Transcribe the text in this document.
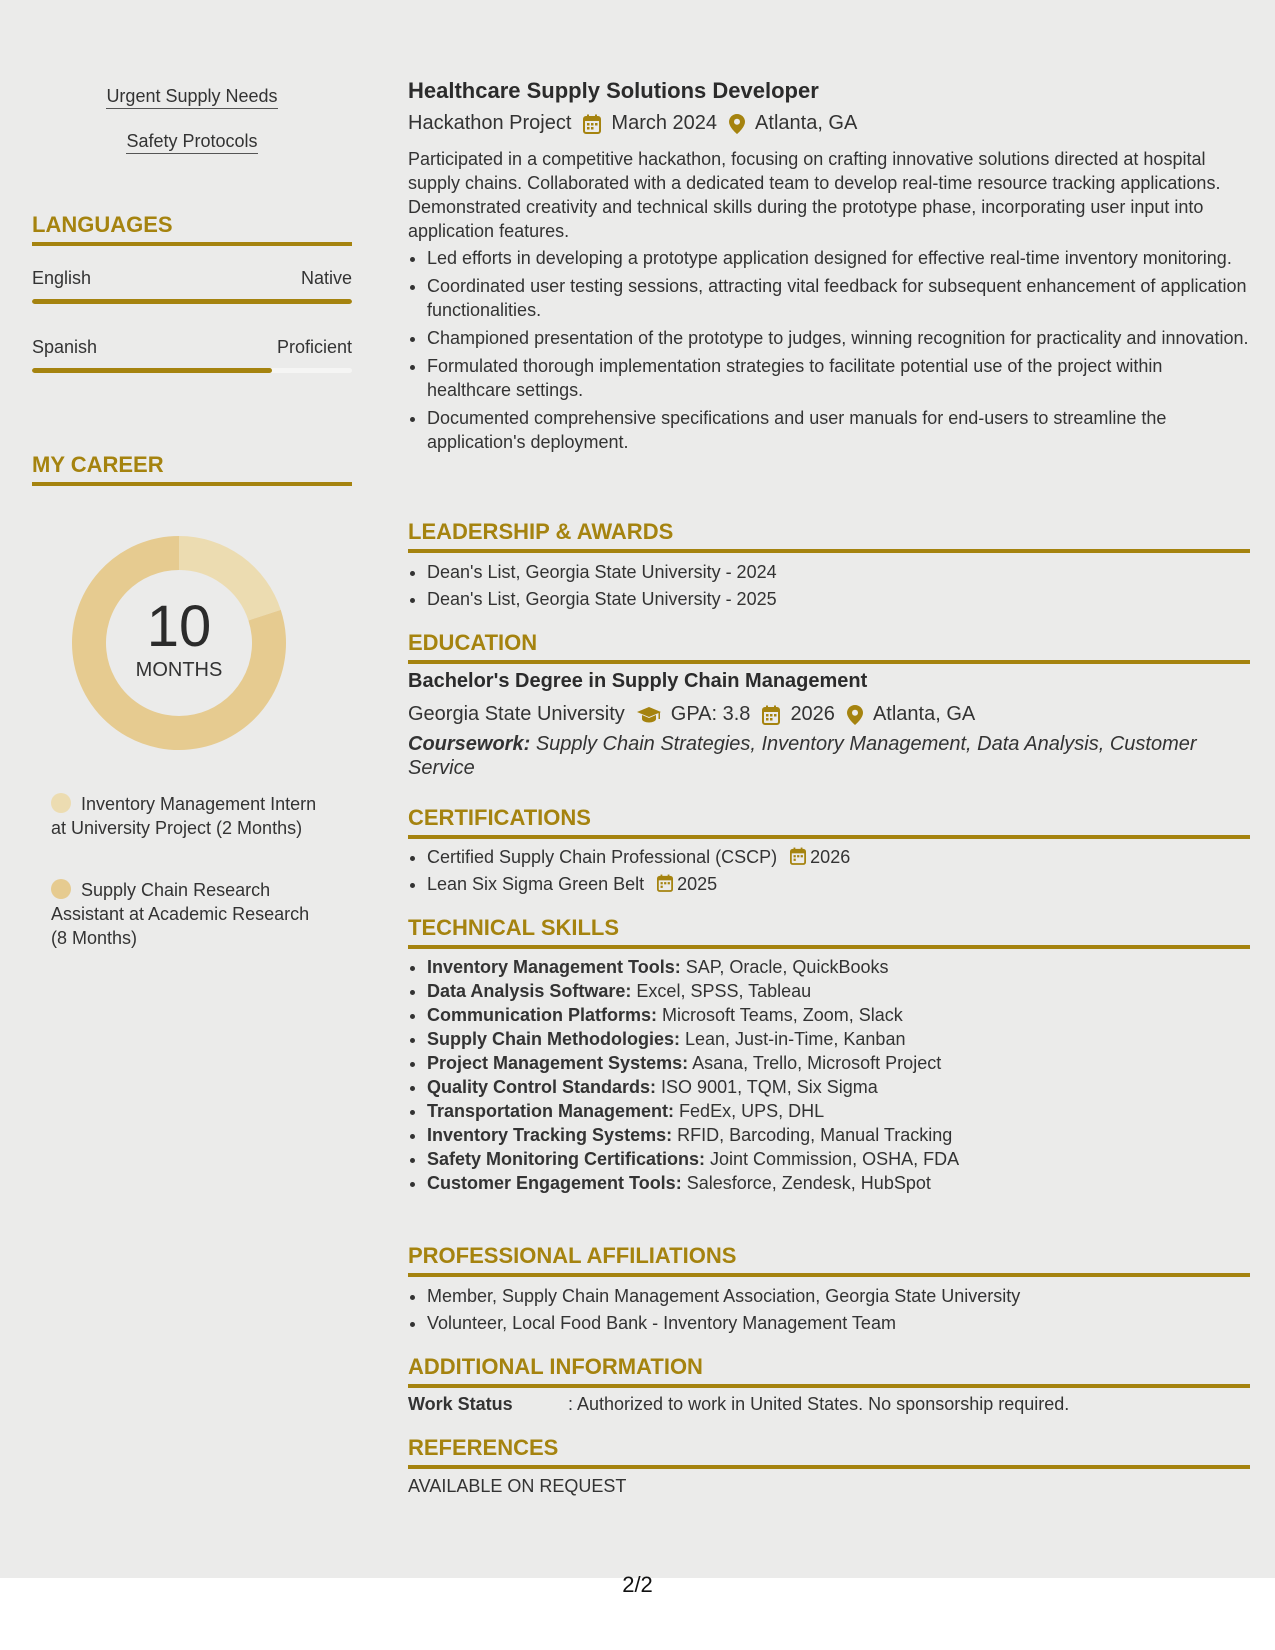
Urgent Supply Needs
Safety Protocols
LANGUAGES
English	Native
Spanish	Proficient
MY CAREER
10
MONTHS
Inventory Management Intern at University Project (2 Months)
Supply Chain Research Assistant at Academic Research (8 Months)
Healthcare Supply Solutions Developer
Hackathon Project March 2024 Atlanta, GA
Participated in a competitive hackathon, focusing on crafting innovative solutions directed at hospital supply chains. Collaborated with a dedicated team to develop real-time resource tracking applications. Demonstrated creativity and technical skills during the prototype phase, incorporating user input into application features.
• Led efforts in developing a prototype application designed for effective real-time inventory monitoring.
• Coordinated user testing sessions, attracting vital feedback for subsequent enhancement of application functionalities.
• Championed presentation of the prototype to judges, winning recognition for practicality and innovation.
• Formulated thorough implementation strategies to facilitate potential use of the project within healthcare settings.
• Documented comprehensive specifications and user manuals for end-users to streamline the application's deployment.
LEADERSHIP & AWARDS
• Dean's List, Georgia State University - 2024
• Dean's List, Georgia State University - 2025
EDUCATION
Bachelor's Degree in Supply Chain Management
Georgia State University GPA: 3.8 2026 Atlanta, GA
Coursework: Supply Chain Strategies, Inventory Management, Data Analysis, Customer Service
CERTIFICATIONS
• Certified Supply Chain Professional (CSCP) 2026
• Lean Six Sigma Green Belt 2025
TECHNICAL SKILLS
• Inventory Management Tools: SAP, Oracle, QuickBooks
• Data Analysis Software: Excel, SPSS, Tableau
• Communication Platforms: Microsoft Teams, Zoom, Slack
• Supply Chain Methodologies: Lean, Just-in-Time, Kanban
• Project Management Systems: Asana, Trello, Microsoft Project
• Quality Control Standards: ISO 9001, TQM, Six Sigma
• Transportation Management: FedEx, UPS, DHL
• Inventory Tracking Systems: RFID, Barcoding, Manual Tracking
• Safety Monitoring Certifications: Joint Commission, OSHA, FDA
• Customer Engagement Tools: Salesforce, Zendesk, HubSpot
PROFESSIONAL AFFILIATIONS
• Member, Supply Chain Management Association, Georgia State University
• Volunteer, Local Food Bank - Inventory Management Team
ADDITIONAL INFORMATION
Work Status	: Authorized to work in United States. No sponsorship required.
REFERENCES
AVAILABLE ON REQUEST
2/2
